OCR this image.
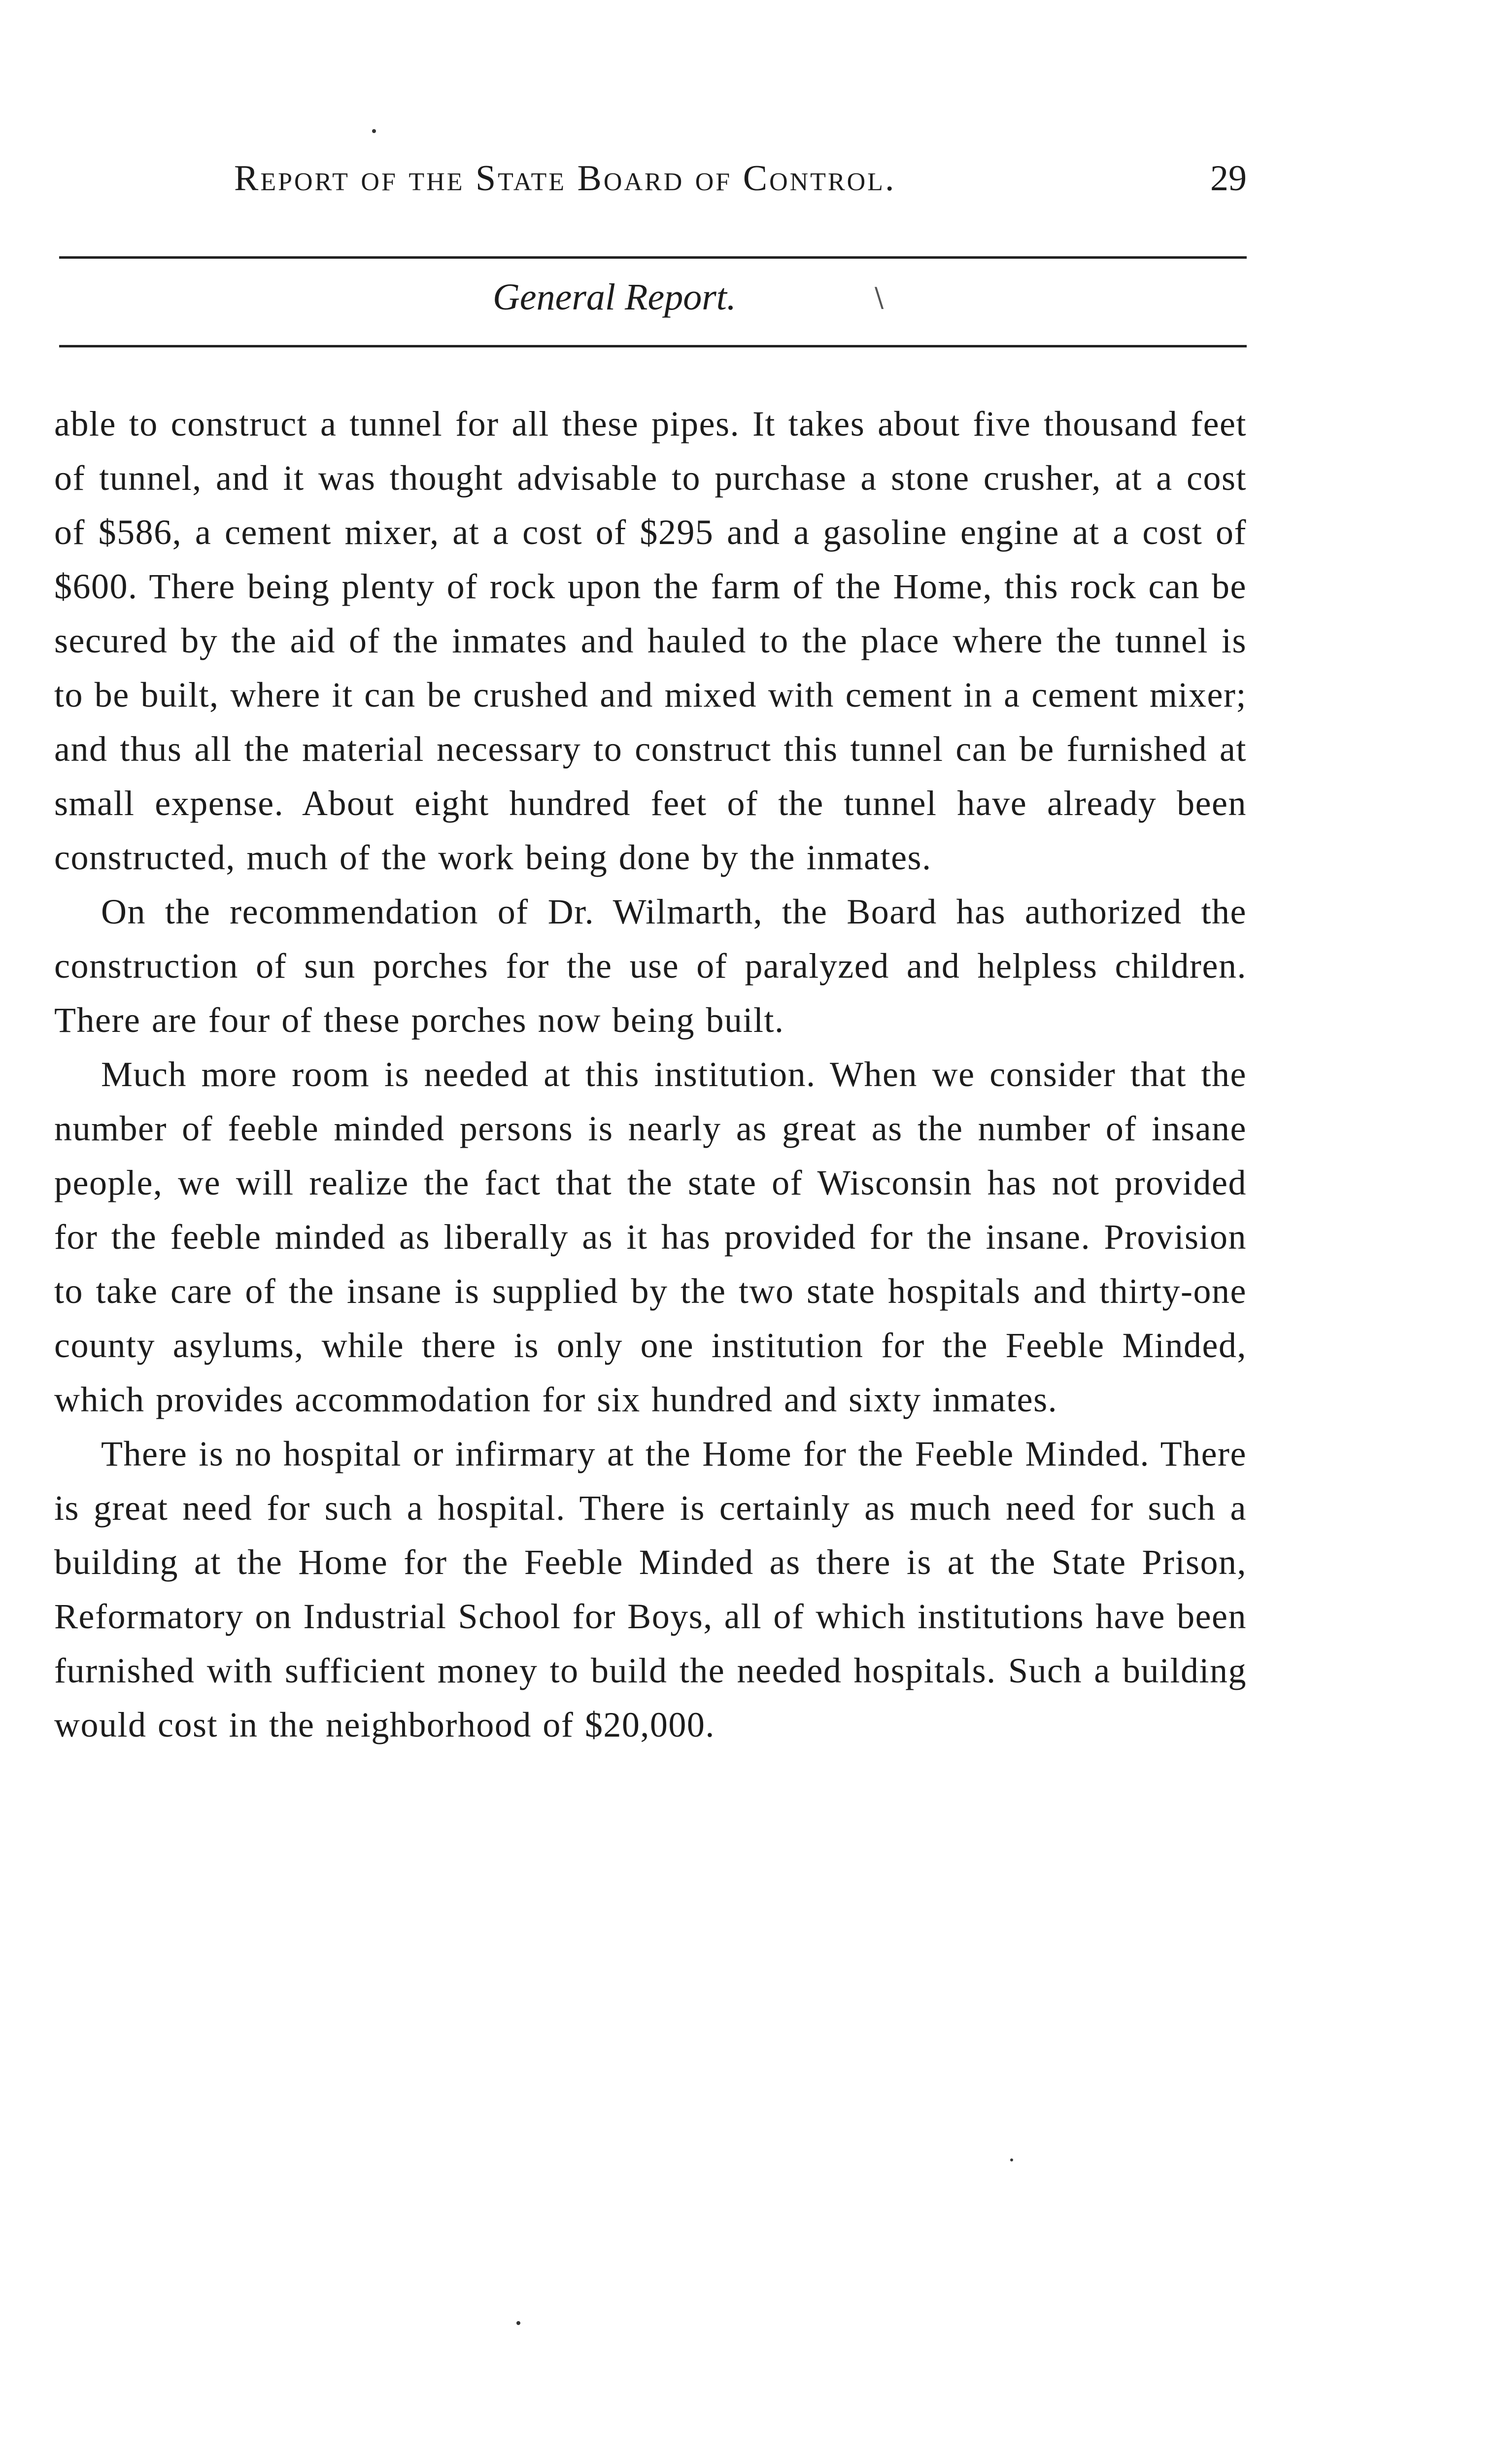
Report of the State Board of Control.	29
General Report.	\

able to construct a tunnel for all these pipes. It takes about five thousand feet of tunnel, and it was thought advisable to purchase a stone crusher, at a cost of $586, a cement mixer, at a cost of $295 and a gasoline engine at a cost of $600. There being plenty of rock upon the farm of the Home, this rock can be secured by the aid of the inmates and hauled to the place where the tunnel is to be built, where it can be crushed and mixed with cement in a cement mixer; and thus all the material necessary to construct this tunnel can be furnished at small expense. About eight hundred feet of the tunnel have already been constructed, much of the work being done by the inmates.

On the recommendation of Dr. Wilmarth, the Board has authorized the construction of sun porches for the use of paralyzed and helpless children. There are four of these porches now being built.

Much more room is needed at this institution. When we consider that the number of feeble minded persons is nearly as great as the number of insane people, we will realize the fact that the state of Wisconsin has not provided for the feeble minded as liberally as it has provided for the insane. Provision to take care of the insane is supplied by the two state hospitals and thirty-one county asylums, while there is only one institution for the Feeble Minded, which provides accommodation for six hundred and sixty inmates.

There is no hospital or infirmary at the Home for the Feeble Minded. There is great need for such a hospital. There is certainly as much need for such a building at the Home for the Feeble Minded as there is at the State Prison, Reformatory on Industrial School for Boys, all of which institutions have been furnished with sufficient money to build the needed hospitals. Such a building would cost in the neighborhood of $20,000.
